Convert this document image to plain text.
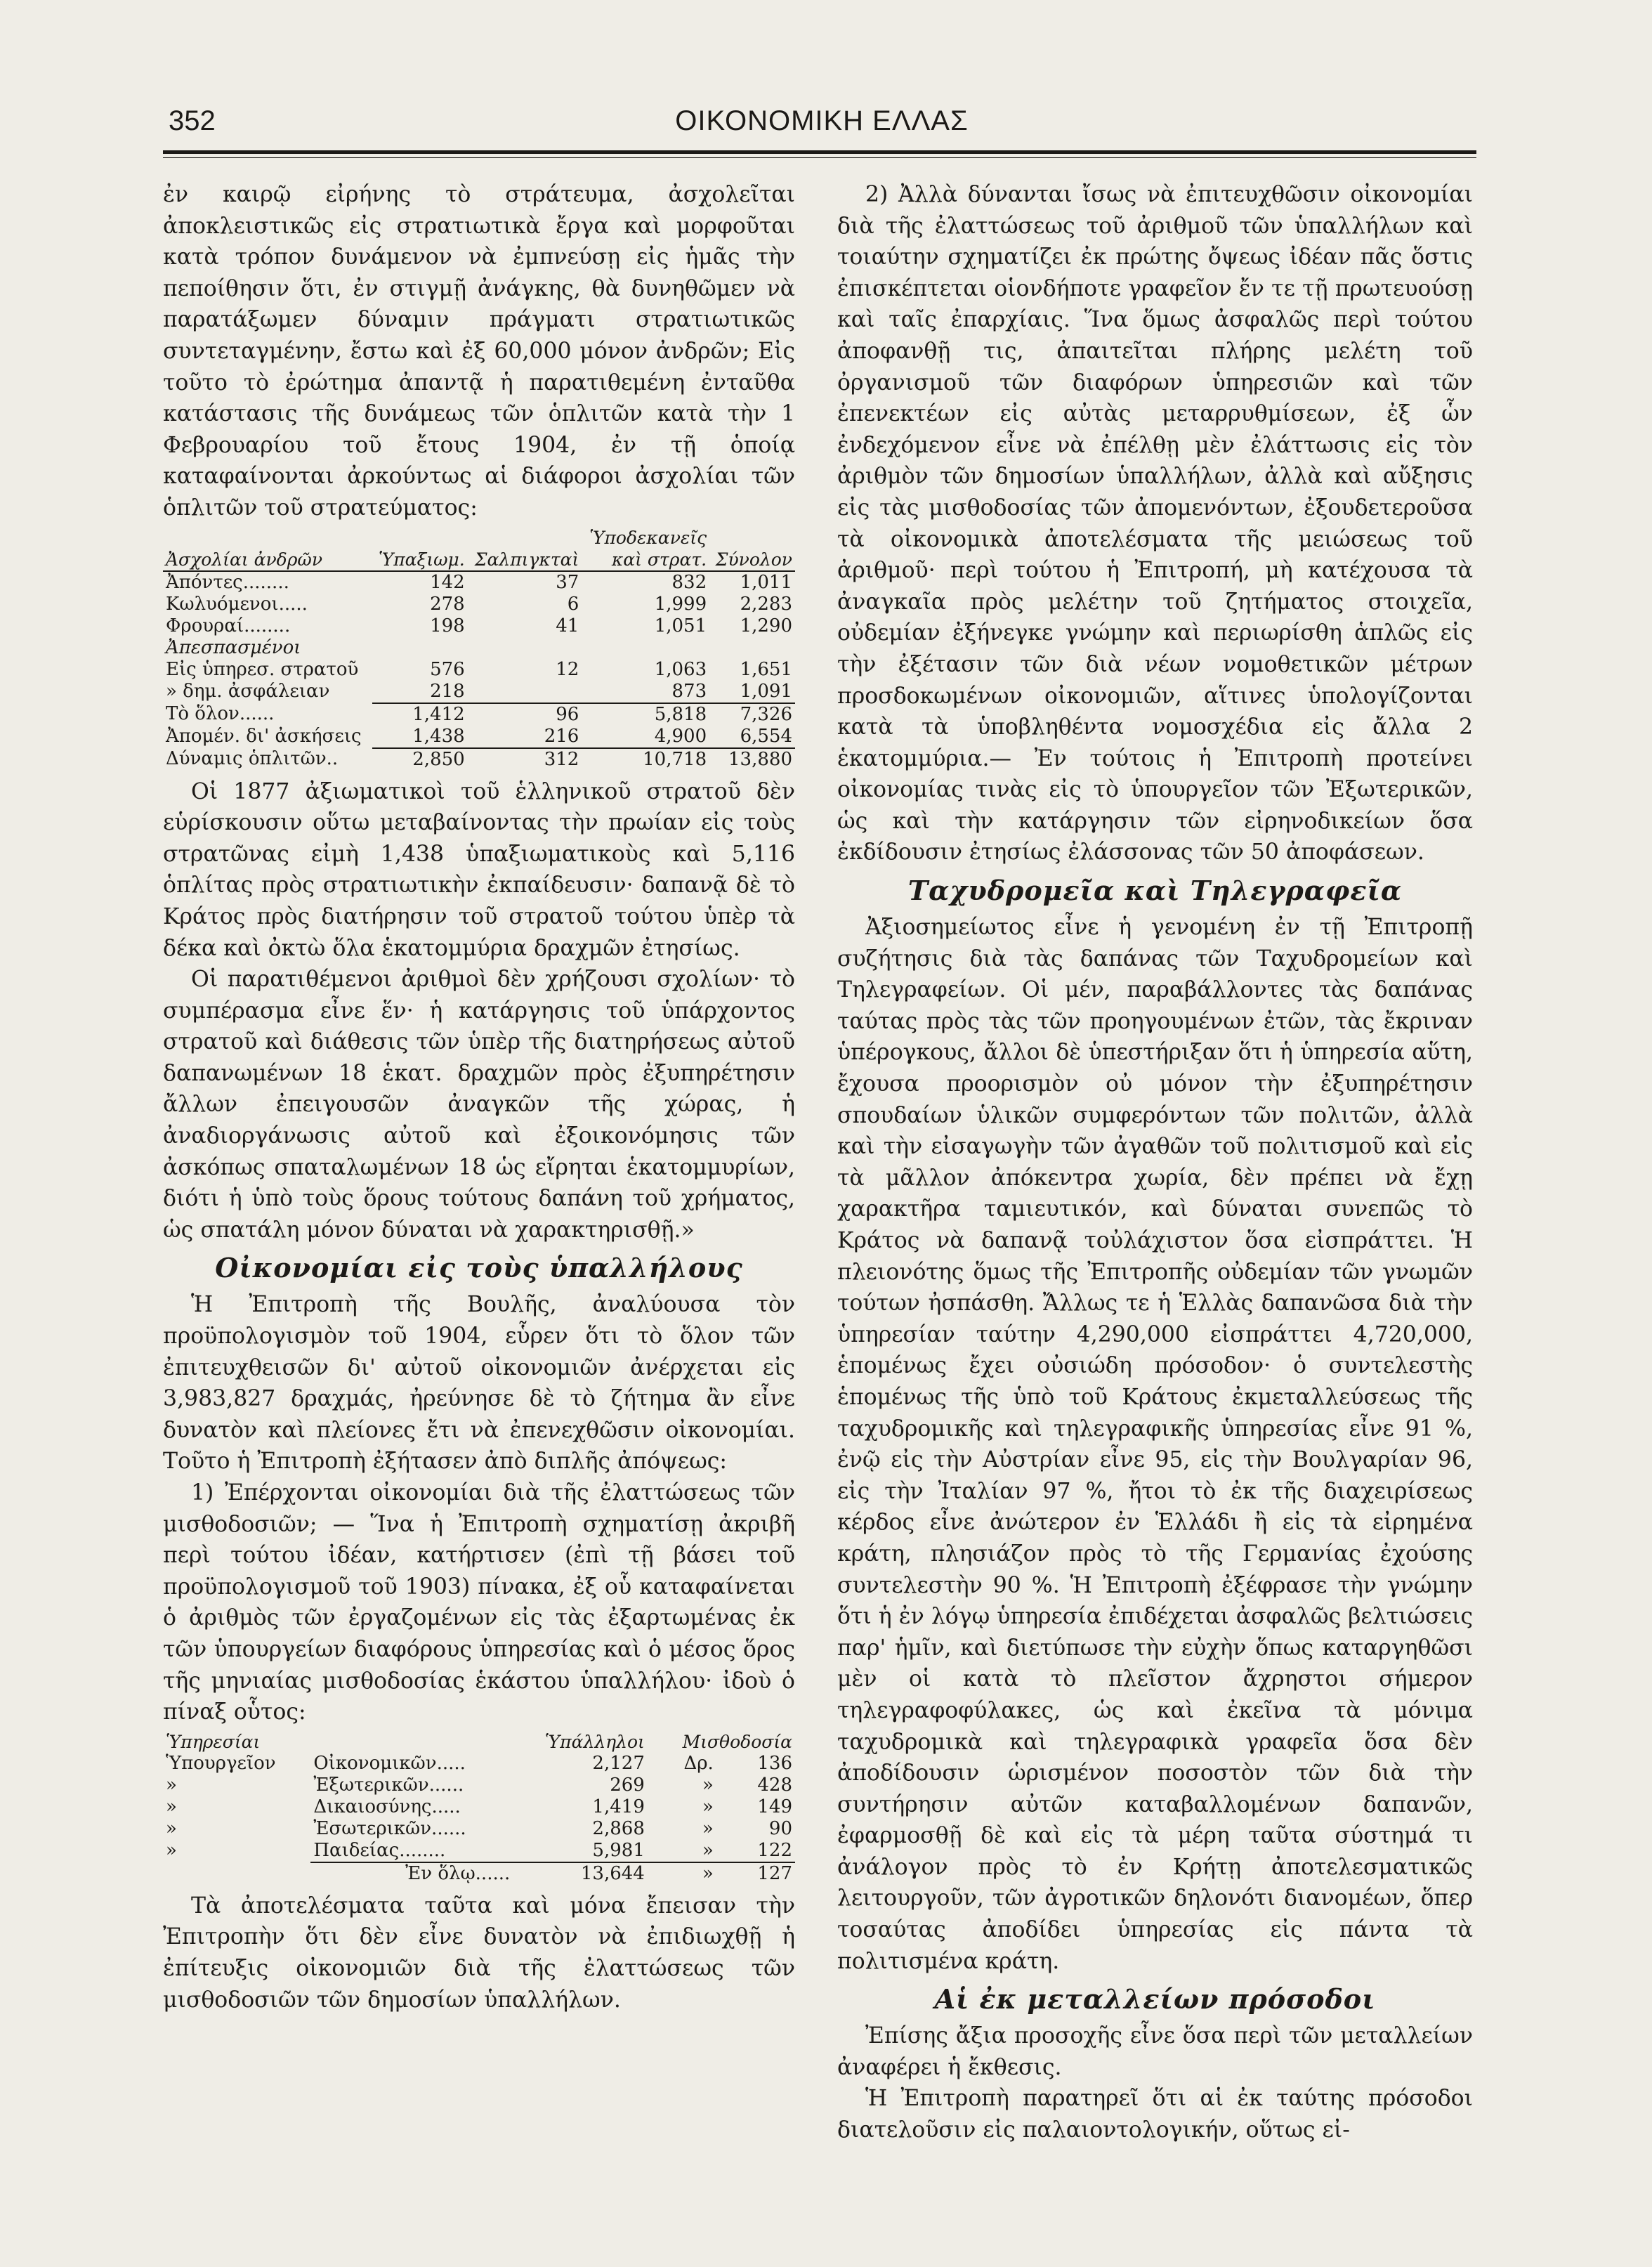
352	ΟΙΚΟΝΟΜΙΚΗ ΕΛΛΑΣ

ἐν καιρῷ εἰρήνης τὸ στράτευμα, ἀσχολεῖται ἀποκλειστικῶς εἰς στρατιωτικὰ ἔργα καὶ μορφοῦται κατὰ τρόπον δυνάμενον νὰ ἐμπνεύσῃ εἰς ἡμᾶς τὴν πεποίθησιν ὅτι, ἐν στιγμῇ ἀνάγκης, θὰ δυνηθῶμεν νὰ παρατάξωμεν δύναμιν πράγματι στρατιωτικῶς συντεταγμένην, ἔστω καὶ ἐξ 60,000 μόνον ἀνδρῶν; Εἰς τοῦτο τὸ ἐρώτημα ἀπαντᾷ ἡ παρατιθεμένη ἐνταῦθα κατάστασις τῆς δυνάμεως τῶν ὁπλιτῶν κατὰ τὴν 1 Φεβρουαρίου τοῦ ἔτους 1904, ἐν τῇ ὁποίᾳ καταφαίνονται ἀρκούντως αἱ διάφοροι ἀσχολίαι τῶν ὁπλιτῶν τοῦ στρατεύματος:

			Ὑποδεκανεῖς	
Ἀσχολίαι ἀνδρῶν	Ὑπαξιωμ.	Σαλπιγκταὶ	καὶ στρατ.	Σύνολον
Ἀπόντες........	142	37	832	1,011
Κωλυόμενοι.....	278	6	1,999	2,283
Φρουραί........	198	41	1,051	1,290
Ἀπεσπασμένοι				
Εἰς ὑπηρεσ. στρατοῦ	576	12	1,063	1,651
» δημ. ἀσφάλειαν	218		873	1,091
Τὸ ὅλον......	1,412	96	5,818	7,326
Ἀπομέν. δι' ἀσκήσεις	1,438	216	4,900	6,554
Δύναμις ὁπλιτῶν..	2,850	312	10,718	13,880

Οἱ 1877 ἀξιωματικοὶ τοῦ ἑλληνικοῦ στρατοῦ δὲν εὑρίσκουσιν οὕτω μεταβαίνοντας τὴν πρωίαν εἰς τοὺς στρατῶνας εἰμὴ 1,438 ὑπαξιωματικοὺς καὶ 5,116 ὁπλίτας πρὸς στρατιωτικὴν ἐκπαίδευσιν· δαπανᾷ δὲ τὸ Κράτος πρὸς διατήρησιν τοῦ στρατοῦ τούτου ὑπὲρ τὰ δέκα καὶ ὀκτὼ ὅλα ἑκατομμύρια δραχμῶν ἐτησίως.

Οἱ παρατιθέμενοι ἀριθμοὶ δὲν χρήζουσι σχολίων· τὸ συμπέρασμα εἶνε ἕν· ἡ κατάργησις τοῦ ὑπάρχοντος στρατοῦ καὶ διάθεσις τῶν ὑπὲρ τῆς διατηρήσεως αὐτοῦ δαπανωμένων 18 ἑκατ. δραχμῶν πρὸς ἐξυπηρέτησιν ἄλλων ἐπειγουσῶν ἀναγκῶν τῆς χώρας, ἡ ἀναδιοργάνωσις αὐτοῦ καὶ ἐξοικονόμησις τῶν ἀσκόπως σπαταλωμένων 18 ὡς εἴρηται ἑκατομμυρίων, διότι ἡ ὑπὸ τοὺς ὅρους τούτους δαπάνη τοῦ χρήματος, ὡς σπατάλη μόνον δύναται νὰ χαρακτηρισθῇ.»

Οἰκονομίαι εἰς τοὺς ὑπαλλήλους

Ἡ Ἐπιτροπὴ τῆς Βουλῆς, ἀναλύουσα τὸν προϋπολογισμὸν τοῦ 1904, εὗρεν ὅτι τὸ ὅλον τῶν ἐπιτευχθεισῶν δι' αὐτοῦ οἰκονομιῶν ἀνέρχεται εἰς 3,983,827 δραχμάς, ἠρεύνησε δὲ τὸ ζήτημα ἂν εἶνε δυνατὸν καὶ πλείονες ἔτι νὰ ἐπενεχθῶσιν οἰκονομίαι. Τοῦτο ἡ Ἐπιτροπὴ ἐξήτασεν ἀπὸ διπλῆς ἀπόψεως:

1) Ἐπέρχονται οἰκονομίαι διὰ τῆς ἐλαττώσεως τῶν μισθοδοσιῶν; — Ἵνα ἡ Ἐπιτροπὴ σχηματίσῃ ἀκριβῆ περὶ τούτου ἰδέαν, κατήρτισεν (ἐπὶ τῇ βάσει τοῦ προϋπολογισμοῦ τοῦ 1903) πίνακα, ἐξ οὗ καταφαίνεται ὁ ἀριθμὸς τῶν ἐργαζομένων εἰς τὰς ἐξαρτωμένας ἐκ τῶν ὑπουργείων διαφόρους ὑπηρεσίας καὶ ὁ μέσος ὅρος τῆς μηνιαίας μισθοδοσίας ἑκάστου ὑπαλλήλου· ἰδοὺ ὁ πίναξ οὗτος:

Ὑπηρεσίαι		Ὑπάλληλοι	Μισθοδοσία	
Ὑπουργεῖον	Οἰκονομικῶν.....	2,127	Δρ.	136
»	Ἐξωτερικῶν......	269	»	428
»	Δικαιοσύνης.....	1,419	»	149
»	Ἐσωτερικῶν......	2,868	»	90
»	Παιδείας........	5,981	»	122
	Ἐν ὅλῳ......	13,644	»	127

Τὰ ἀποτελέσματα ταῦτα καὶ μόνα ἔπεισαν τὴν Ἐπιτροπὴν ὅτι δὲν εἶνε δυνατὸν νὰ ἐπιδιωχθῇ ἡ ἐπίτευξις οἰκονομιῶν διὰ τῆς ἐλαττώσεως τῶν μισθοδοσιῶν τῶν δημοσίων ὑπαλλήλων.

2) Ἀλλὰ δύνανται ἴσως νὰ ἐπιτευχθῶσιν οἰκονομίαι διὰ τῆς ἐλαττώσεως τοῦ ἀριθμοῦ τῶν ὑπαλλήλων καὶ τοιαύτην σχηματίζει ἐκ πρώτης ὄψεως ἰδέαν πᾶς ὅστις ἐπισκέπτεται οἱονδήποτε γραφεῖον ἔν τε τῇ πρωτευούσῃ καὶ ταῖς ἐπαρχίαις. Ἵνα ὅμως ἀσφαλῶς περὶ τούτου ἀποφανθῇ τις, ἀπαιτεῖται πλήρης μελέτη τοῦ ὀργανισμοῦ τῶν διαφόρων ὑπηρεσιῶν καὶ τῶν ἐπενεκτέων εἰς αὐτὰς μεταρρυθμίσεων, ἐξ ὧν ἐνδεχόμενον εἶνε νὰ ἐπέλθῃ μὲν ἐλάττωσις εἰς τὸν ἀριθμὸν τῶν δημοσίων ὑπαλλήλων, ἀλλὰ καὶ αὔξησις εἰς τὰς μισθοδοσίας τῶν ἀπομενόντων, ἐξουδετεροῦσα τὰ οἰκονομικὰ ἀποτελέσματα τῆς μειώσεως τοῦ ἀριθμοῦ· περὶ τούτου ἡ Ἐπιτροπή, μὴ κατέχουσα τὰ ἀναγκαῖα πρὸς μελέτην τοῦ ζητήματος στοιχεῖα, οὐδεμίαν ἐξήνεγκε γνώμην καὶ περιωρίσθη ἁπλῶς εἰς τὴν ἐξέτασιν τῶν διὰ νέων νομοθετικῶν μέτρων προσδοκωμένων οἰκονομιῶν, αἵτινες ὑπολογίζονται κατὰ τὰ ὑποβληθέντα νομοσχέδια εἰς ἄλλα 2 ἑκατομμύρια.— Ἐν τούτοις ἡ Ἐπιτροπὴ προτείνει οἰκονομίας τινὰς εἰς τὸ ὑπουργεῖον τῶν Ἐξωτερικῶν, ὡς καὶ τὴν κατάργησιν τῶν εἰρηνοδικείων ὅσα ἐκδίδουσιν ἐτησίως ἐλάσσονας τῶν 50 ἀποφάσεων.

Ταχυδρομεῖα καὶ Τηλεγραφεῖα

Ἀξιοσημείωτος εἶνε ἡ γενομένη ἐν τῇ Ἐπιτροπῇ συζήτησις διὰ τὰς δαπάνας τῶν Ταχυδρομείων καὶ Τηλεγραφείων. Οἱ μέν, παραβάλλοντες τὰς δαπάνας ταύτας πρὸς τὰς τῶν προηγουμένων ἐτῶν, τὰς ἔκριναν ὑπέρογκους, ἄλλοι δὲ ὑπεστήριξαν ὅτι ἡ ὑπηρεσία αὕτη, ἔχουσα προορισμὸν οὐ μόνον τὴν ἐξυπηρέτησιν σπουδαίων ὑλικῶν συμφερόντων τῶν πολιτῶν, ἀλλὰ καὶ τὴν εἰσαγωγὴν τῶν ἀγαθῶν τοῦ πολιτισμοῦ καὶ εἰς τὰ μᾶλλον ἀπόκεντρα χωρία, δὲν πρέπει νὰ ἔχῃ χαρακτῆρα ταμιευτικόν, καὶ δύναται συνεπῶς τὸ Κράτος νὰ δαπανᾷ τοὐλάχιστον ὅσα εἰσπράττει. Ἡ πλειονότης ὅμως τῆς Ἐπιτροπῆς οὐδεμίαν τῶν γνωμῶν τούτων ἠσπάσθη. Ἄλλως τε ἡ Ἑλλὰς δαπανῶσα διὰ τὴν ὑπηρεσίαν ταύτην 4,290,000 εἰσπράττει 4,720,000, ἑπομένως ἔχει οὐσιώδη πρόσοδον· ὁ συντελεστὴς ἑπομένως τῆς ὑπὸ τοῦ Κράτους ἐκμεταλλεύσεως τῆς ταχυδρομικῆς καὶ τηλεγραφικῆς ὑπηρεσίας εἶνε 91 %, ἐνῷ εἰς τὴν Αὐστρίαν εἶνε 95, εἰς τὴν Βουλγαρίαν 96, εἰς τὴν Ἰταλίαν 97 %, ἤτοι τὸ ἐκ τῆς διαχειρίσεως κέρδος εἶνε ἀνώτερον ἐν Ἑλλάδι ἢ εἰς τὰ εἰρημένα κράτη, πλησιάζον πρὸς τὸ τῆς Γερμανίας ἐχούσης συντελεστὴν 90 %. Ἡ Ἐπιτροπὴ ἐξέφρασε τὴν γνώμην ὅτι ἡ ἐν λόγῳ ὑπηρεσία ἐπιδέχεται ἀσφαλῶς βελτιώσεις παρ' ἡμῖν, καὶ διετύπωσε τὴν εὐχὴν ὅπως καταργηθῶσι μὲν οἱ κατὰ τὸ πλεῖστον ἄχρηστοι σήμερον τηλεγραφοφύλακες, ὡς καὶ ἐκεῖνα τὰ μόνιμα ταχυδρομικὰ καὶ τηλεγραφικὰ γραφεῖα ὅσα δὲν ἀποδίδουσιν ὡρισμένον ποσοστὸν τῶν διὰ τὴν συντήρησιν αὐτῶν καταβαλλομένων δαπανῶν, ἐφαρμοσθῇ δὲ καὶ εἰς τὰ μέρη ταῦτα σύστημά τι ἀνάλογον πρὸς τὸ ἐν Κρήτῃ ἀποτελεσματικῶς λειτουργοῦν, τῶν ἀγροτικῶν δηλονότι διανομέων, ὅπερ τοσαύτας ἀποδίδει ὑπηρεσίας εἰς πάντα τὰ πολιτισμένα κράτη.

Αἱ ἐκ μεταλλείων πρόσοδοι

Ἐπίσης ἄξια προσοχῆς εἶνε ὅσα περὶ τῶν μεταλλείων ἀναφέρει ἡ ἔκθεσις.

Ἡ Ἐπιτροπὴ παρατηρεῖ ὅτι αἱ ἐκ ταύτης πρόσοδοι διατελοῦσιν εἰς παλαιοντολογικήν, οὕτως εἰ-
